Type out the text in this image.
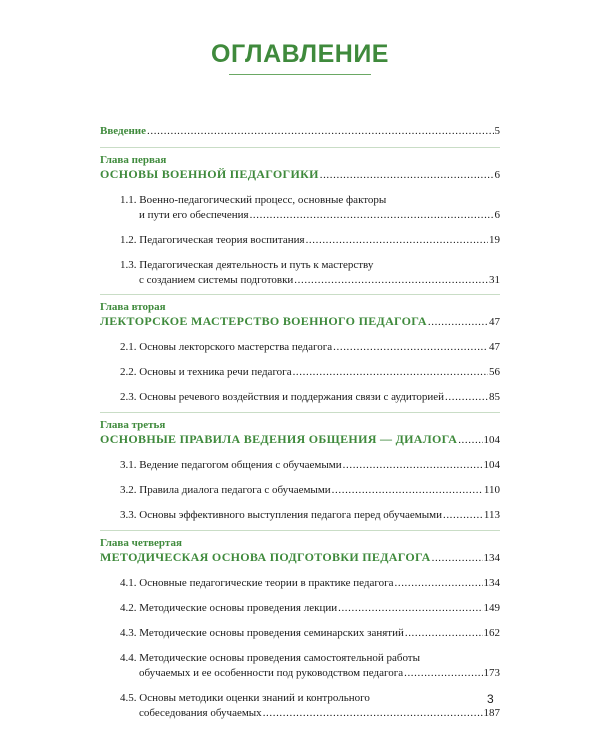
ОГЛАВЛЕНИЕ
Введение .....	5
Глава первая
ОСНОВЫ ВОЕННОЙ ПЕДАГОГИКИ .....	6
1.1. Военно-педагогический процесс, основные факторы
и пути его обеспечения .....	6
1.2. Педагогическая теория воспитания .....	19
1.3. Педагогическая деятельность и путь к мастерству
с созданием системы подготовки .....	31
Глава вторая
ЛЕКТОРСКОЕ МАСТЕРСТВО ВОЕННОГО ПЕДАГОГА .....	47
2.1. Основы лекторского мастерства педагога .....	47
2.2. Основы и техника речи педагога .....	56
2.3. Основы речевого воздействия и поддержания связи с аудиторией .....	85
Глава третья
ОСНОВНЫЕ ПРАВИЛА ВЕДЕНИЯ ОБЩЕНИЯ — ДИАЛОГА ..... 104
3.1. Ведение педагогом общения с обучаемыми .....	104
3.2. Правила диалога педагога с обучаемыми .....	110
3.3. Основы эффективного выступления педагога перед обучаемыми .....	113
Глава четвертая
МЕТОДИЧЕСКАЯ ОСНОВА ПОДГОТОВКИ ПЕДАГОГА .....	134
4.1. Основные педагогические теории в практике педагога .....	134
4.2. Методические основы проведения лекции .....	149
4.3. Методические основы проведения семинарских занятий .....	162
4.4. Методические основы проведения самостоятельной работы
обучаемых и ее особенности под руководством педагога .....	173
4.5. Основы методики оценки знаний и контрольного
собеседования обучаемых .....	187
3
